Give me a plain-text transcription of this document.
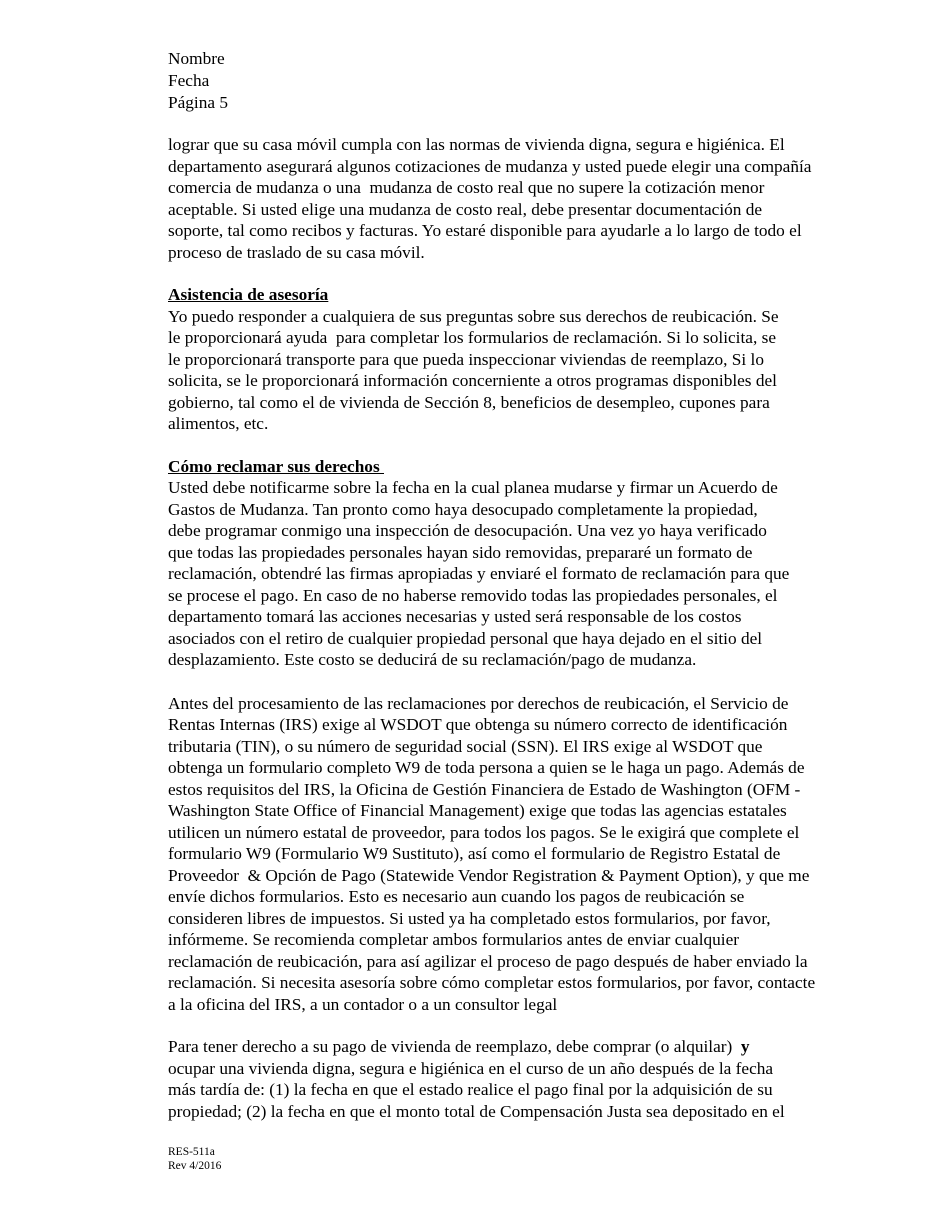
Nombre
Fecha
Página 5

lograr que su casa móvil cumpla con las normas de vivienda digna, segura e higiénica. El
departamento asegurará algunos cotizaciones de mudanza y usted puede elegir una compañía
comercia de mudanza o una  mudanza de costo real que no supere la cotización menor
aceptable. Si usted elige una mudanza de costo real, debe presentar documentación de
soporte, tal como recibos y facturas. Yo estaré disponible para ayudarle a lo largo de todo el
proceso de traslado de su casa móvil.

Asistencia de asesoría

Yo puedo responder a cualquiera de sus preguntas sobre sus derechos de reubicación. Se
le proporcionará ayuda  para completar los formularios de reclamación. Si lo solicita, se
le proporcionará transporte para que pueda inspeccionar viviendas de reemplazo, Si lo
solicita, se le proporcionará información concerniente a otros programas disponibles del
gobierno, tal como el de vivienda de Sección 8, beneficios de desempleo, cupones para
alimentos, etc.

Cómo reclamar sus derechos

Usted debe notificarme sobre la fecha en la cual planea mudarse y firmar un Acuerdo de
Gastos de Mudanza. Tan pronto como haya desocupado completamente la propiedad,
debe programar conmigo una inspección de desocupación. Una vez yo haya verificado
que todas las propiedades personales hayan sido removidas, prepararé un formato de
reclamación, obtendré las firmas apropiadas y enviaré el formato de reclamación para que
se procese el pago. En caso de no haberse removido todas las propiedades personales, el
departamento tomará las acciones necesarias y usted será responsable de los costos
asociados con el retiro de cualquier propiedad personal que haya dejado en el sitio del
desplazamiento. Este costo se deducirá de su reclamación/pago de mudanza.

Antes del procesamiento de las reclamaciones por derechos de reubicación, el Servicio de
Rentas Internas (IRS) exige al WSDOT que obtenga su número correcto de identificación
tributaria (TIN), o su número de seguridad social (SSN). El IRS exige al WSDOT que
obtenga un formulario completo W9 de toda persona a quien se le haga un pago. Además de
estos requisitos del IRS, la Oficina de Gestión Financiera de Estado de Washington (OFM -
Washington State Office of Financial Management) exige que todas las agencias estatales
utilicen un número estatal de proveedor, para todos los pagos. Se le exigirá que complete el
formulario W9 (Formulario W9 Sustituto), así como el formulario de Registro Estatal de
Proveedor  & Opción de Pago (Statewide Vendor Registration & Payment Option), y que me
envíe dichos formularios. Esto es necesario aun cuando los pagos de reubicación se
consideren libres de impuestos. Si usted ya ha completado estos formularios, por favor,
infórmeme. Se recomienda completar ambos formularios antes de enviar cualquier
reclamación de reubicación, para así agilizar el proceso de pago después de haber enviado la
reclamación. Si necesita asesoría sobre cómo completar estos formularios, por favor, contacte
a la oficina del IRS, a un contador o a un consultor legal

Para tener derecho a su pago de vivienda de reemplazo, debe comprar (o alquilar)  y
ocupar una vivienda digna, segura e higiénica en el curso de un año después de la fecha
más tardía de: (1) la fecha en que el estado realice el pago final por la adquisición de su
propiedad; (2) la fecha en que el monto total de Compensación Justa sea depositado en el

RES-511a
Rev 4/2016
